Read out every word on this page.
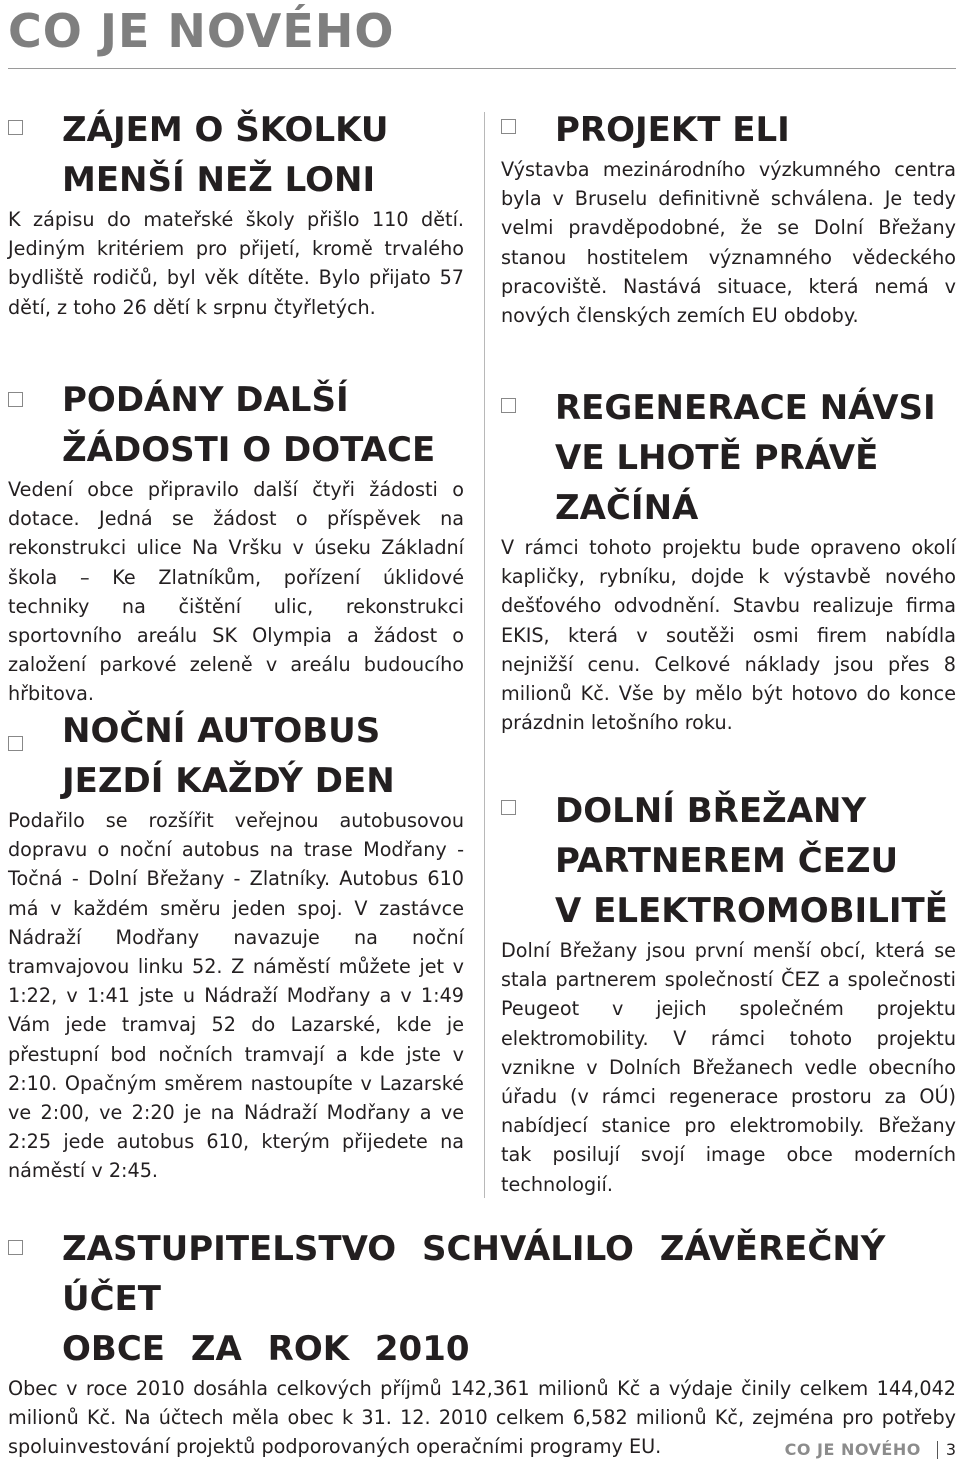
CO JE NOVÉHO
ZÁJEM O ŠKOLKU
MENŠÍ NEŽ LONI

K zápisu do mateřské školy přišlo 110 dětí. Jediným kritériem pro přijetí, kromě trvalého bydliště rodičů, byl věk dítěte. Bylo přijato 57 dětí, z toho 26 dětí k srpnu čtyřletých.

PODÁNY DALŠÍ
ŽÁDOSTI O DOTACE

Vedení obce připravilo další čtyři žádosti o dotace. Jedná se žádost o příspěvek na rekonstrukci ulice Na Vršku v úseku Základní škola – Ke Zlatníkům, pořízení úklidové techniky na čištění ulic, rekonstrukci sportovního areálu SK Olympia a žádost o založení parkové zeleně v areálu budoucího hřbitova.

NOČNÍ AUTOBUS
JEZDÍ KAŽDÝ DEN

Podařilo se rozšířit veřejnou autobusovou dopravu o noční autobus na trase Modřany - Točná - Dolní Břežany - Zlatníky. Autobus 610 má v každém směru jeden spoj. V zastávce Nádraží Modřany navazuje na noční tramvajovou linku 52. Z náměstí můžete jet v 1:22, v 1:41 jste u Nádraží Modřany a v 1:49 Vám jede tramvaj 52 do Lazarské, kde je přestupní bod nočních tramvají a kde jste v 2:10. Opačným směrem nastoupíte v Lazarské ve 2:00, ve 2:20 je na Nádraží Modřany a ve 2:25 jede autobus 610, kterým přijedete na náměstí v 2:45.

PROJEKT ELI

Výstavba mezinárodního výzkumného centra byla v Bruselu definitivně schválena. Je tedy velmi pravděpodobné, že se Dolní Břežany stanou hostitelem významného vědeckého pracoviště. Nastává situace, která nemá v nových členských zemích EU obdoby.

REGENERACE NÁVSI
VE LHOTĚ PRÁVĚ
ZAČÍNÁ

V rámci tohoto projektu bude opraveno okolí kapličky, rybníku, dojde k výstavbě nového dešťového odvodnění. Stavbu realizuje firma EKIS, která v soutěži osmi firem nabídla nejnižší cenu. Celkové náklady jsou přes 8 milionů Kč. Vše by mělo být hotovo do konce prázdnin letošního roku.

DOLNÍ BŘEŽANY
PARTNEREM ČEZU
V ELEKTROMOBILITĚ

Dolní Břežany jsou první menší obcí, která se stala partnerem společností ČEZ a společnosti Peugeot v jejich společném projektu elektromobility. V rámci tohoto projektu vznikne v Dolních Břežanech vedle obecního úřadu (v rámci regenerace prostoru za OÚ) nabídjecí stanice pro elektromobily. Břežany tak posilují svojí image obce moderních technologií.

ZASTUPITELSTVO SCHVÁLILO ZÁVĚREČNÝ ÚČET
OBCE ZA ROK 2010

Obec v roce 2010 dosáhla celkových příjmů 142,361 milionů Kč a výdaje činily celkem 144,042 milionů Kč. Na účtech měla obec k 31. 12. 2010 celkem 6,582 milionů Kč, zejména pro potřeby spoluinvestování projektů podporovaných operačními programy EU.	CO JE NOVÉHO 3
